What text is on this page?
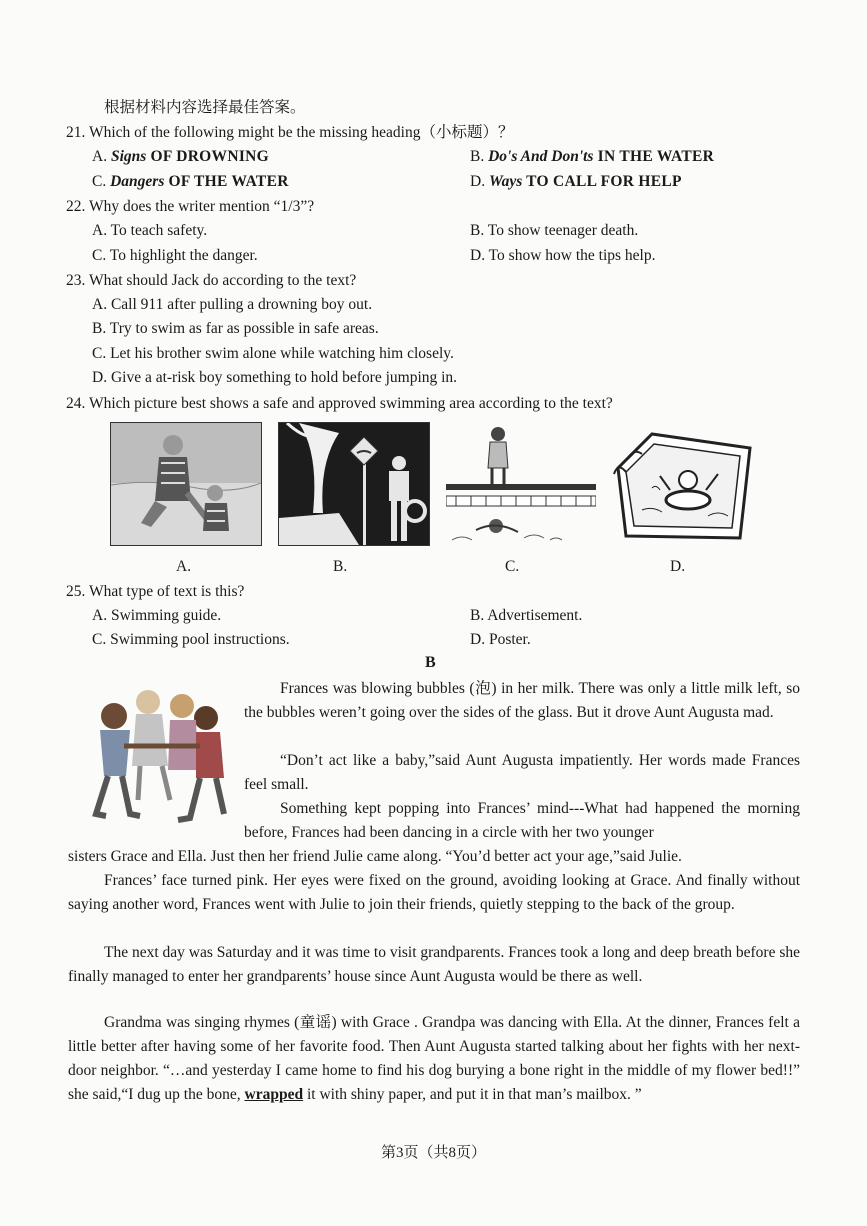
根据材料内容选择最佳答案。
21. Which of the following might be the missing heading（小标题）？
A. Signs OF DROWNING	B. Do's And Don'ts IN THE WATER
C. Dangers OF THE WATER	D. Ways TO CALL FOR HELP
22. Why does the writer mention “1/3”?
A. To teach safety.	B. To show teenager death.
C. To highlight the danger.	D. To show how the tips help.
23. What should Jack do according to the text?
A. Call 911 after pulling a drowning boy out.
B. Try to swim as far as possible in safe areas.
C. Let his brother swim alone while watching him closely.
D. Give a at-risk boy something to hold before jumping in.
24. Which picture best shows a safe and approved swimming area according to the text?
A.	B.	C.	D.
25. What type of text is this?
A. Swimming guide.	B. Advertisement.
C. Swimming pool instructions.	D. Poster.
B
Frances was blowing bubbles (泡) in her milk. There was only a little milk left, so the bubbles weren’t going over the sides of the glass. But it drove Aunt Augusta mad.
“Don’t act like a baby,”said Aunt Augusta impatiently. Her words made Frances feel small.
Something kept popping into Frances’ mind---What had happened the morning before, Frances had been dancing in a circle with her two younger
sisters Grace and Ella. Just then her friend Julie came along. “You’d better act your age,”said Julie.
Frances’ face turned pink. Her eyes were fixed on the ground, avoiding looking at Grace. And finally without saying another word, Frances went with Julie to join their friends, quietly stepping to the back of the group.
The next day was Saturday and it was time to visit grandparents. Frances took a long and deep breath before she finally managed to enter her grandparents’ house since Aunt Augusta would be there as well.
Grandma was singing rhymes (童谣) with Grace . Grandpa was dancing with Ella. At the dinner, Frances felt a little better after having some of her favorite food. Then Aunt Augusta started talking about her fights with her next-door neighbor. “…and yesterday I came home to find his dog burying a bone right in the middle of my flower bed!!” she said,“I dug up the bone, wrapped it with shiny paper, and put it in that man’s mailbox. ”
第3页（共8页）
